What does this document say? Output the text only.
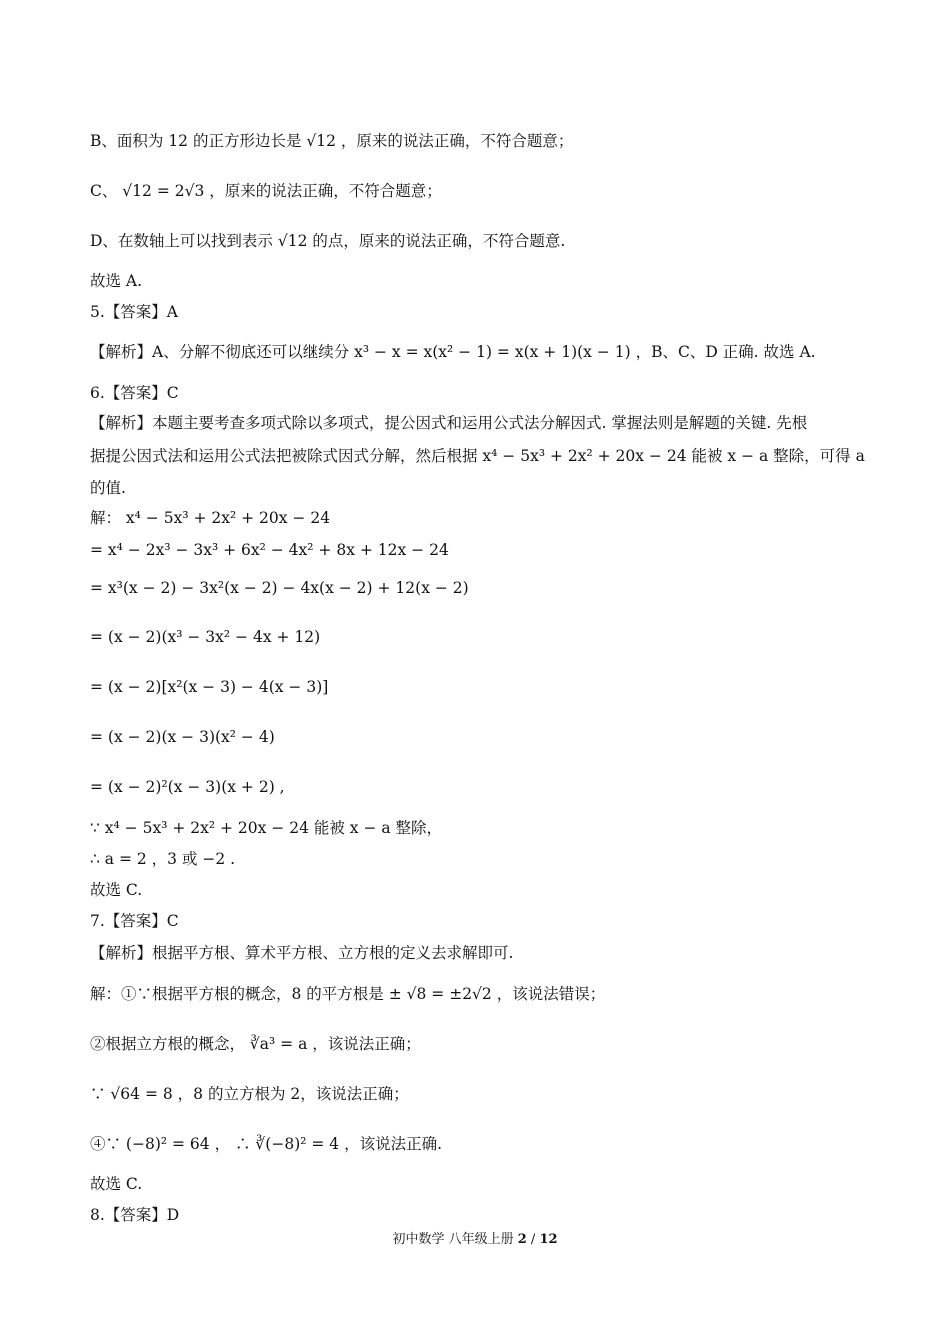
B、面积为 12 的正方形边长是 √12 ，原来的说法正确，不符合题意；
C、 √12 = 2√3 ，原来的说法正确，不符合题意；
D、在数轴上可以找到表示 √12 的点，原来的说法正确，不符合题意.
故选 A.
5.【答案】A
【解析】A、分解不彻底还可以继续分 x³ − x = x(x² − 1) = x(x + 1)(x − 1) ，B、C、D 正确. 故选 A.
6.【答案】C
【解析】本题主要考查多项式除以多项式，提公因式和运用公式法分解因式. 掌握法则是解题的关键. 先根
据提公因式法和运用公式法把被除式因式分解，然后根据 x⁴ − 5x³ + 2x² + 20x − 24 能被 x − a 整除，可得 a
的值.
解： x⁴ − 5x³ + 2x² + 20x − 24
= x⁴ − 2x³ − 3x³ + 6x² − 4x² + 8x + 12x − 24
= x³(x − 2) − 3x²(x − 2) − 4x(x − 2) + 12(x − 2)
= (x − 2)(x³ − 3x² − 4x + 12)
= (x − 2)[x²(x − 3) − 4(x − 3)]
= (x − 2)(x − 3)(x² − 4)
= (x − 2)²(x − 3)(x + 2) ,
∵ x⁴ − 5x³ + 2x² + 20x − 24 能被 x − a 整除，
∴ a = 2 ，3 或 −2 .
故选 C.
7.【答案】C
【解析】根据平方根、算术平方根、立方根的定义去求解即可.
解：①∵根据平方根的概念，8 的平方根是 ± √8 = ±2√2 ，该说法错误；
②根据立方根的概念， ∛a³ = a ，该说法正确；
∵ √64 = 8 ，8 的立方根为 2，该说法正确；
④∵ (−8)² = 64 ， ∴ ∛(−8)² = 4 ，该说法正确.
故选 C.
8.【答案】D
初中数学 八年级上册 2 / 12
